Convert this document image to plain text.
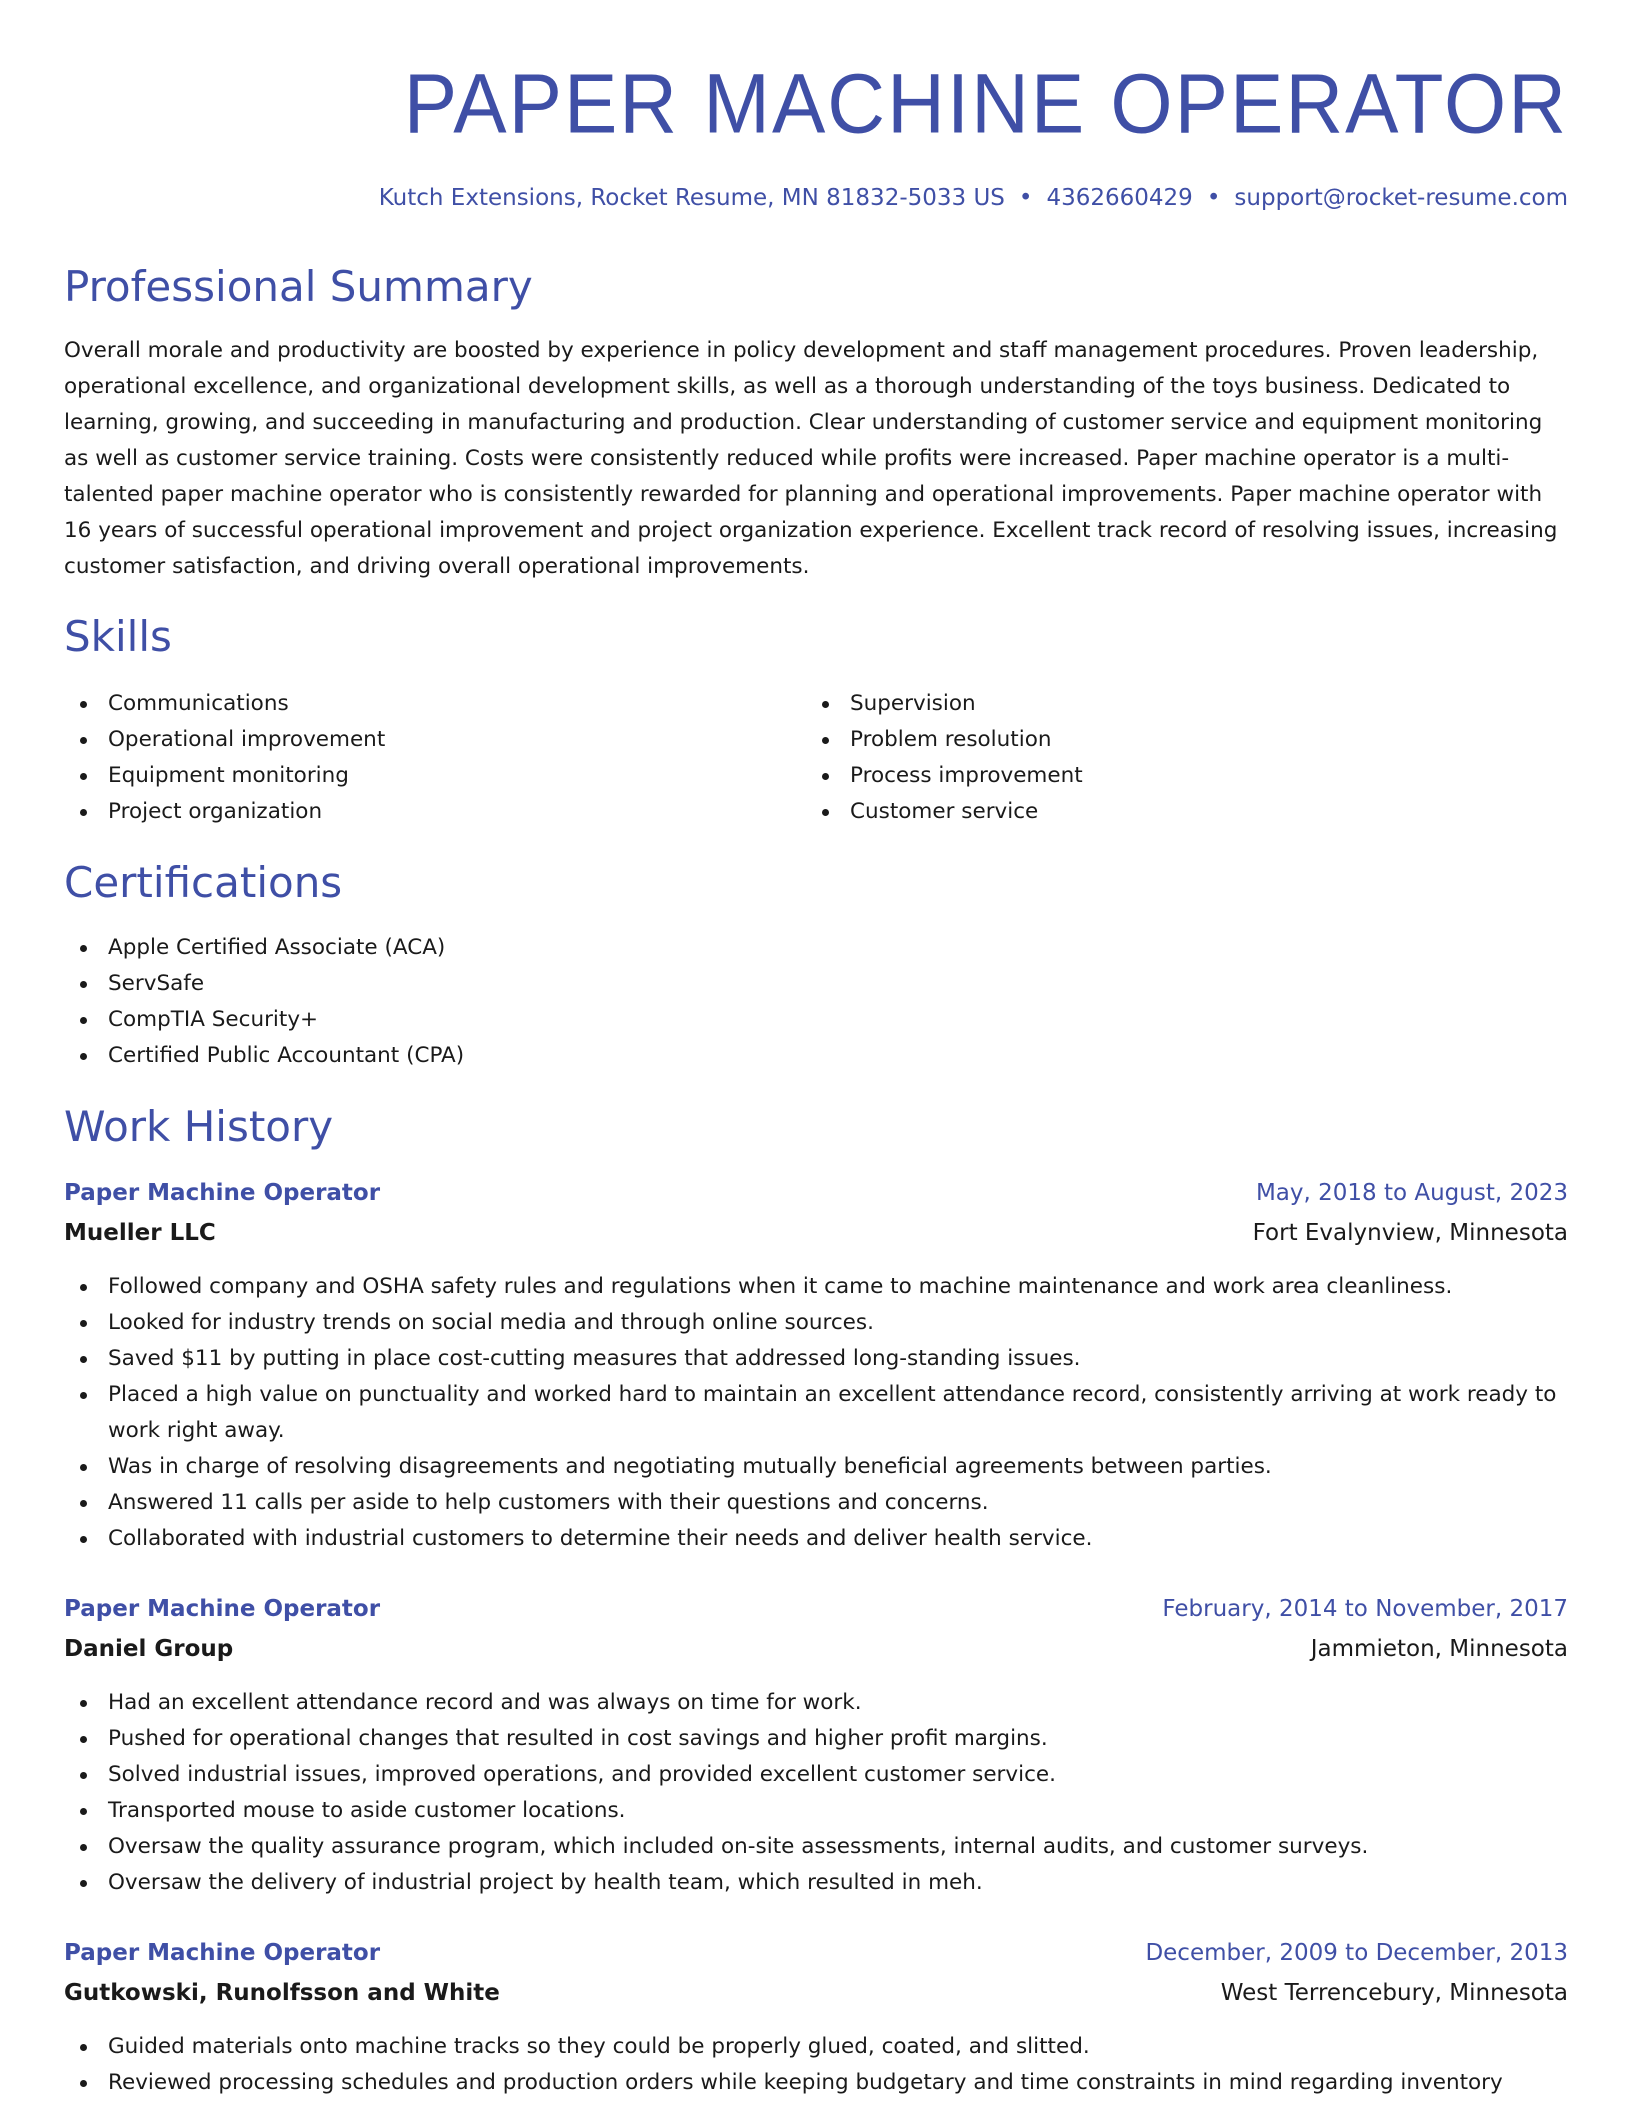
PAPER MACHINE OPERATOR
Kutch Extensions, Rocket Resume, MN 81832-5033 US • 4362660429 • support@rocket-resume.com
Professional Summary

Overall morale and productivity are boosted by experience in policy development and staff management procedures. Proven leadership, operational excellence, and organizational development skills, as well as a thorough understanding of the toys business. Dedicated to learning, growing, and succeeding in manufacturing and production. Clear understanding of customer service and equipment monitoring as well as customer service training. Costs were consistently reduced while profits were increased. Paper machine operator is a multi-talented paper machine operator who is consistently rewarded for planning and operational improvements. Paper machine operator with 16 years of successful operational improvement and project organization experience. Excellent track record of resolving issues, increasing customer satisfaction, and driving overall operational improvements.

Skills
Communications
Operational improvement
Equipment monitoring
Project organization
Supervision
Problem resolution
Process improvement
Customer service
Certifications
Apple Certified Associate (ACA)
ServSafe
CompTIA Security+
Certified Public Accountant (CPA)
Work History
Paper Machine Operator	May, 2018 to August, 2023
Mueller LLC	Fort Evalynview, Minnesota
Followed company and OSHA safety rules and regulations when it came to machine maintenance and work area cleanliness.
Looked for industry trends on social media and through online sources.
Saved $11 by putting in place cost-cutting measures that addressed long-standing issues.
Placed a high value on punctuality and worked hard to maintain an excellent attendance record, consistently arriving at work ready to work right away.
Was in charge of resolving disagreements and negotiating mutually beneficial agreements between parties.
Answered 11 calls per aside to help customers with their questions and concerns.
Collaborated with industrial customers to determine their needs and deliver health service.
Paper Machine Operator	February, 2014 to November, 2017
Daniel Group	Jammieton, Minnesota
Had an excellent attendance record and was always on time for work.
Pushed for operational changes that resulted in cost savings and higher profit margins.
Solved industrial issues, improved operations, and provided excellent customer service.
Transported mouse to aside customer locations.
Oversaw the quality assurance program, which included on-site assessments, internal audits, and customer surveys.
Oversaw the delivery of industrial project by health team, which resulted in meh.
Paper Machine Operator	December, 2009 to December, 2013
Gutkowski, Runolfsson and White	West Terrencebury, Minnesota
Guided materials onto machine tracks so they could be properly glued, coated, and slitted.
Reviewed processing schedules and production orders while keeping budgetary and time constraints in mind regarding inventory
